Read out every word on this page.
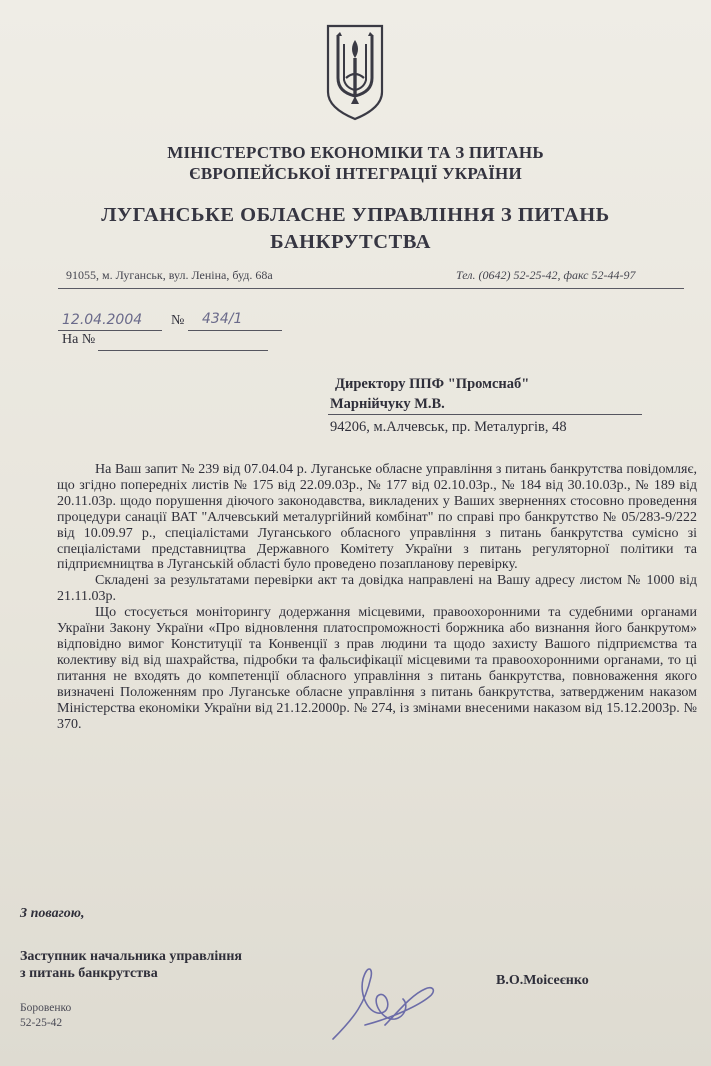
МІНІСТЕРСТВО ЕКОНОМІКИ ТА З ПИТАНЬ
ЄВРОПЕЙСЬКОЇ ІНТЕГРАЦІЇ УКРАЇНИ
ЛУГАНСЬКЕ ОБЛАСНЕ УПРАВЛІННЯ З ПИТАНЬ
БАНКРУТСТВА
91055, м. Луганськ, вул. Леніна, буд. 68а	Тел. (0642) 52-25-42, факс 52-44-97
12.04.2004 № 434/1
На №
Директору ППФ "Промснаб"
Марнійчуку М.В.
94206, м.Алчевськ, пр. Металургів, 48

На Ваш запит № 239 від 07.04.04 р. Луганське обласне управління з питань банкрутства повідомляє, що згідно попередніх листів № 175 від 22.09.03р., № 177 від 02.10.03р., № 184 від 30.10.03р., № 189 від 20.11.03р. щодо порушення діючого законодавства, викладених у Ваших зверненнях стосовно проведення процедури санації ВАТ "Алчевський металургійний комбінат" по справі про банкрутство № 05/283-9/222 від 10.09.97 р., спеціалістами Луганського обласного управління з питань банкрутства сумісно зі спеціалістами представництва Державного Комітету України з питань регуляторної політики та підприємництва в Луганській області було проведено позапланову перевірку.

Складені за результатами перевірки акт та довідка направлені на Вашу адресу листом № 1000 від 21.11.03р.

Що стосується моніторингу додержання місцевими, правоохоронними та судебними органами України Закону України «Про відновлення платоспроможності боржника або визнання його банкрутом» відповідно вимог Конституції та Конвенції з прав людини та щодо захисту Вашого підприємства та колективу від від шахрайства, підробки та фальсифікації місцевими та правоохоронними органами, то ці питання не входять до компетенції обласного управління з питань банкрутства, повноваження якого визначені Положенням про Луганське обласне управління з питань банкрутства, затвердженим наказом Міністерства економіки України від 21.12.2000р. № 274, із змінами внесеними наказом від 15.12.2003р. № 370.

З повагою,
Заступник начальника управління
з питань банкрутства	В.О.Моісеєнко
Боровенко
52-25-42
